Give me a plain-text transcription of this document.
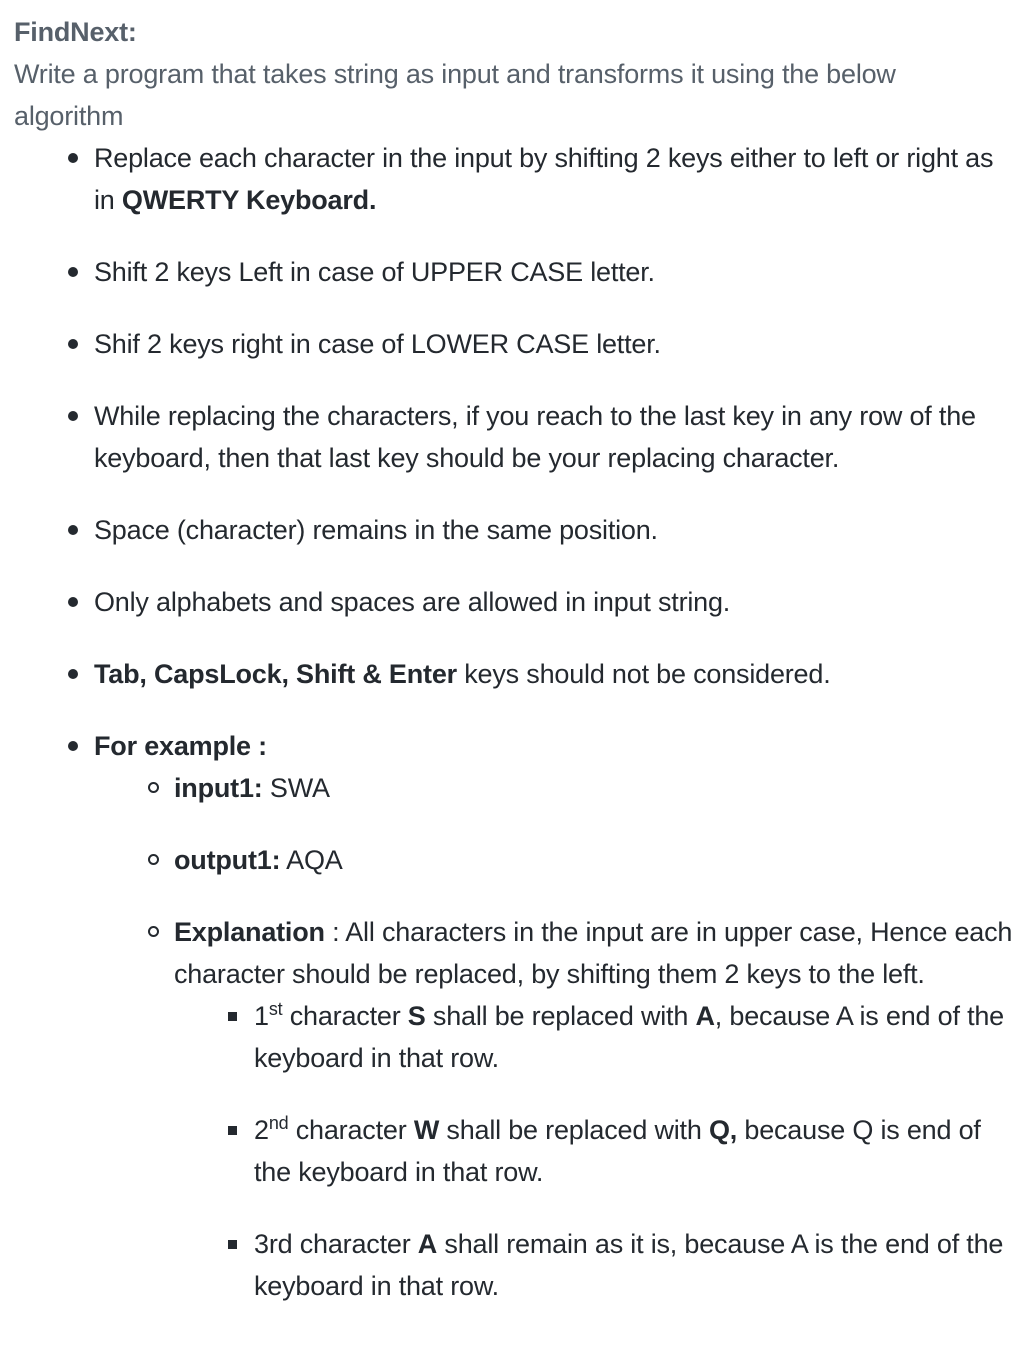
FindNext:

Write a program that takes string as input and transforms it using the below algorithm

Replace each character in the input by shifting 2 keys either to left or right as in QWERTY Keyboard.
Shift 2 keys Left in case of UPPER CASE letter.
Shif 2 keys right in case of LOWER CASE letter.
While replacing the characters, if you reach to the last key in any row of the keyboard, then that last key should be your replacing character.
Space (character) remains in the same position.
Only alphabets and spaces are allowed in input string.
Tab, CapsLock, Shift & Enter keys should not be considered.
For example :
input1: SWA
output1: AQA
Explanation : All characters in the input are in upper case, Hence each character should be replaced, by shifting them 2 keys to the left.
1st character S shall be replaced with A, because A is end of the keyboard in that row.
2nd character W shall be replaced with Q, because Q is end of the keyboard in that row.
3rd character A shall remain as it is, because A is the end of the keyboard in that row.
